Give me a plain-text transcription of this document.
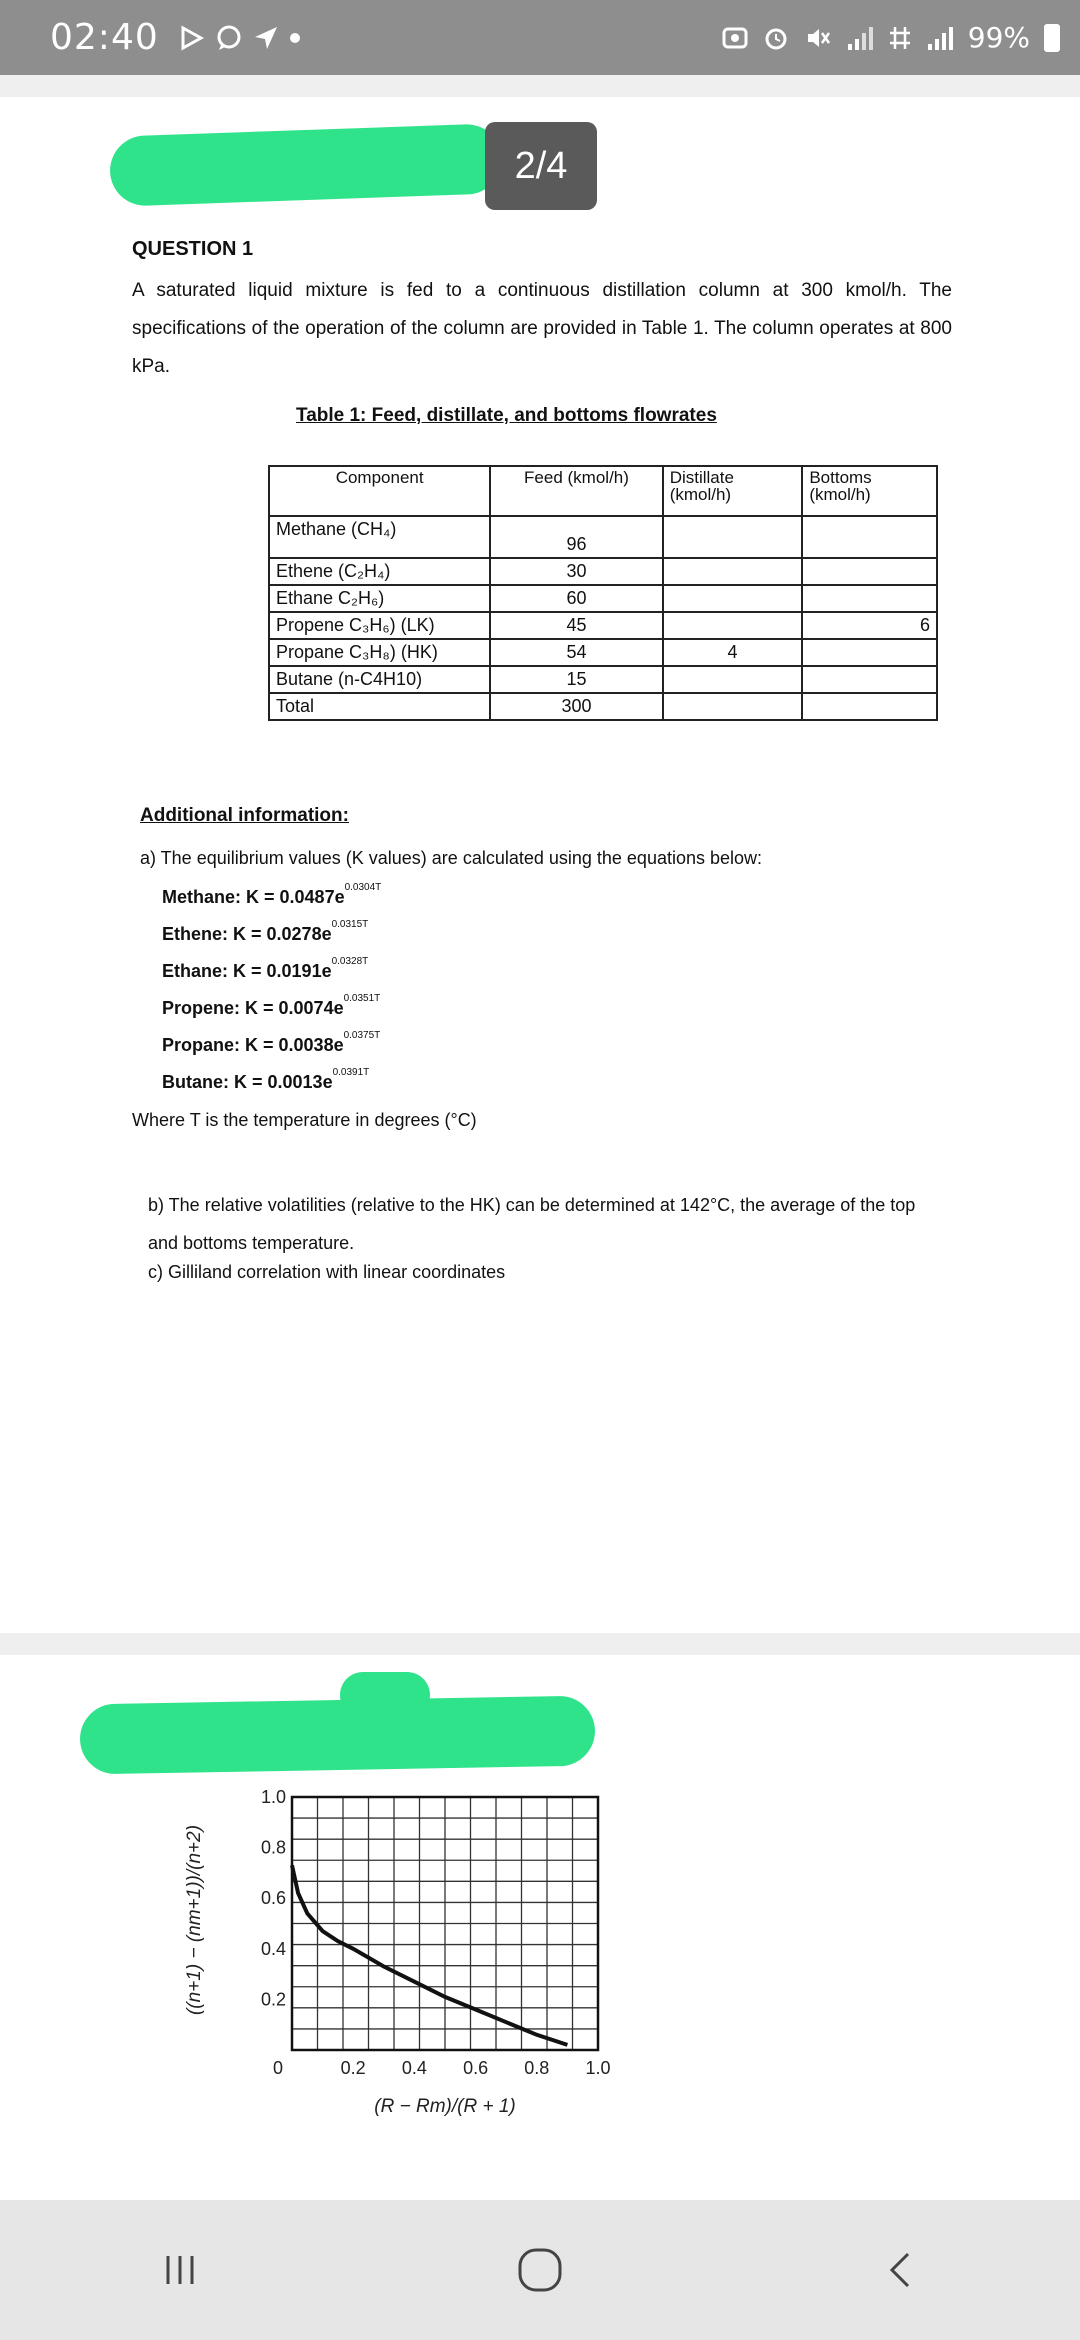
02:40	99%
2/4
QUESTION 1
A saturated liquid mixture is fed to a continuous distillation column at 300 kmol/h. The specifications of the operation of the column are provided in Table 1. The column operates at 800 kPa.
Table 1: Feed, distillate, and bottoms flowrates
Component	Feed (kmol/h)	Distillate (kmol/h)	Bottoms (kmol/h)
Methane (CH₄)	96		
Ethene (C₂H₄)	30		
Ethane C₂H₆)	60		
Propene C₃H₆) (LK)	45		6
Propane C₃H₈) (HK)	54	4	
Butane (n-C4H10)	15		
Total	300		
Additional information:
a) The equilibrium values (K values) are calculated using the equations below:
Methane: $K = 0.0487e^{0.0304T}$
Ethene: $K = 0.0278e^{0.0315T}$
Ethane: $K = 0.0191e^{0.0328T}$
Propene: $K = 0.0074e^{0.0351T}$
Propane: $K = 0.0038e^{0.0375T}$
Butane: $K = 0.0013e^{0.0391T}$
Where T is the temperature in degrees (°C)
b) The relative volatilities (relative to the HK) can be determined at 142°C, the average of the top and bottoms temperature.
c) Gilliland correlation with linear coordinates
0	0.2 0.4 0.6 0.8 1.0
0.2
0.4
0.6
0.8
1.0
(R − Rm)/(R + 1)
((n+1) − (nm+1))/(n+2)
